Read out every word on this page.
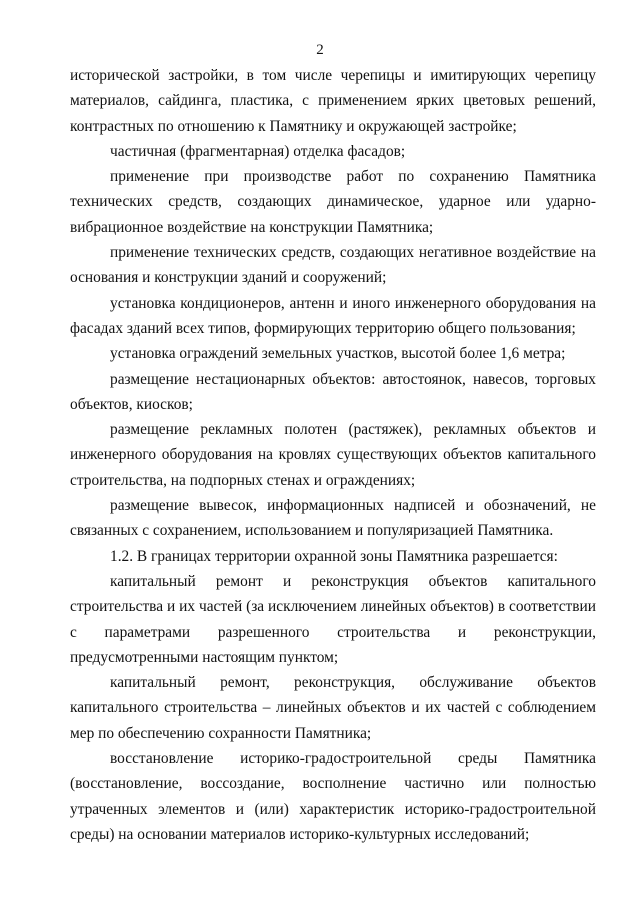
2

исторической застройки, в том числе черепицы и имитирующих черепицу материалов, сайдинга, пластика, с применением ярких цветовых решений, контрастных по отношению к Памятнику и окружающей застройке;

частичная (фрагментарная) отделка фасадов;

применение при производстве работ по сохранению Памятника технических средств, создающих динамическое, ударное или ударно-вибрационное воздействие на конструкции Памятника;

применение технических средств, создающих негативное воздействие на основания и конструкции зданий и сооружений;

установка кондиционеров, антенн и иного инженерного оборудования на фасадах зданий всех типов, формирующих территорию общего пользования;

установка ограждений земельных участков, высотой более 1,6 метра;

размещение нестационарных объектов: автостоянок, навесов, торговых объектов, киосков;

размещение рекламных полотен (растяжек), рекламных объектов и инженерного оборудования на кровлях существующих объектов капитального строительства, на подпорных стенах и ограждениях;

размещение вывесок, информационных надписей и обозначений, не связанных с сохранением, использованием и популяризацией Памятника.

1.2. В границах территории охранной зоны Памятника разрешается:

капитальный ремонт и реконструкция объектов капитального строительства и их частей (за исключением линейных объектов) в соответствии с параметрами разрешенного строительства и реконструкции, предусмотренными настоящим пунктом;

капитальный ремонт, реконструкция, обслуживание объектов капитального строительства – линейных объектов и их частей с соблюдением мер по обеспечению сохранности Памятника;

восстановление историко-градостроительной среды Памятника (восстановление, воссоздание, восполнение частично или полностью утраченных элементов и (или) характеристик историко-градостроительной среды) на основании материалов историко-культурных исследований;
